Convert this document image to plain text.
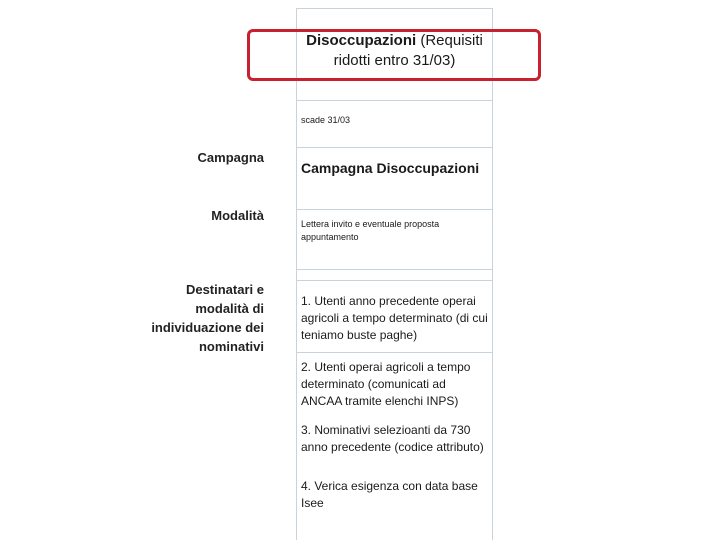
Campagna
Modalità
Destinatari e modalità di individuazione dei nominativi
Disoccupazioni (Requisiti
ridotti entro 31/03)
scade 31/03
Campagna Disoccupazioni
Lettera invito e eventuale proposta appuntamento
1. Utenti anno precedente operai agricoli a tempo determinato (di cui teniamo buste paghe)

2. Utenti operai agricoli a tempo determinato (comunicati ad ANCAA tramite elenchi INPS)

3. Nominativi selezioanti da 730 anno precedente (codice attributo)

4. Verica esigenza con data base Isee
